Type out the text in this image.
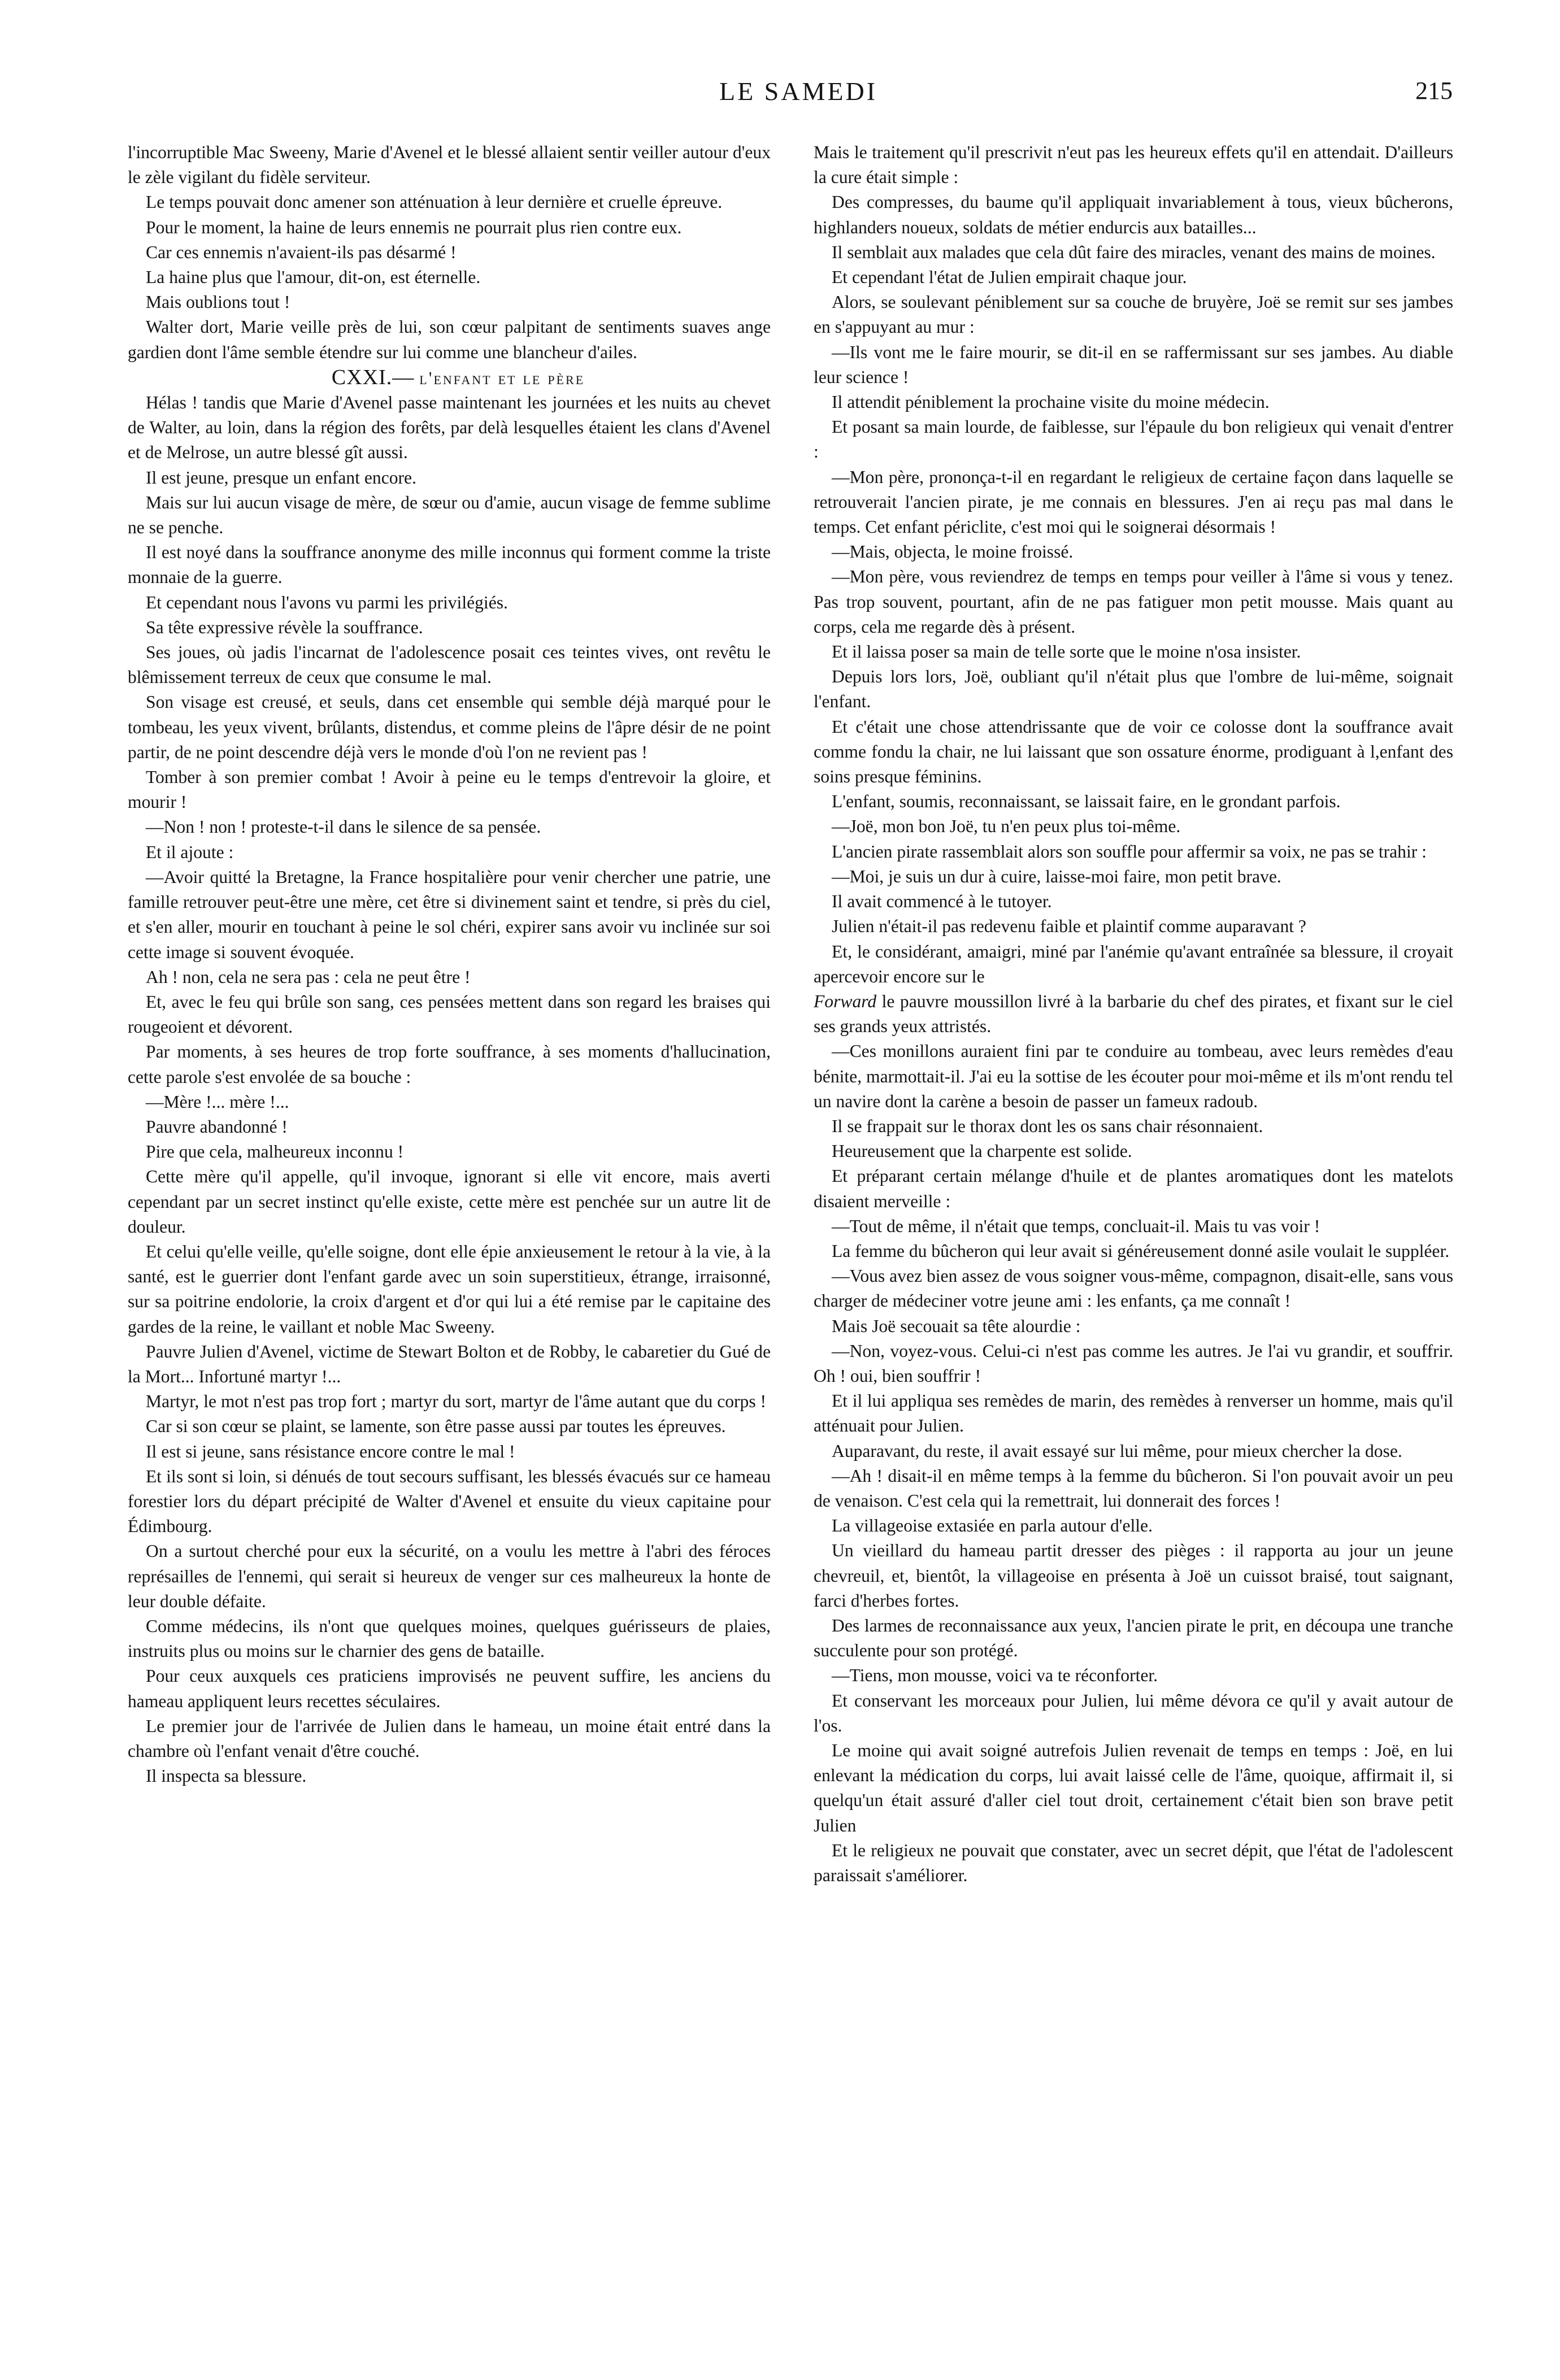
LE SAMEDI	215

l'incorruptible Mac Sweeny, Marie d'Avenel et le blessé allaient sentir veiller autour d'eux le zèle vigilant du fidèle serviteur.

Le temps pouvait donc amener son atténuation à leur dernière et cruelle épreuve.

Pour le moment, la haine de leurs ennemis ne pourrait plus rien contre eux.

Car ces ennemis n'avaient-ils pas désarmé !

La haine plus que l'amour, dit-on, est éternelle.

Mais oublions tout !

Walter dort, Marie veille près de lui, son cœur palpitant de sentiments suaves ange gardien dont l'âme semble étendre sur lui comme une blancheur d'ailes.

CXXI.— l'enfant et le père

Hélas ! tandis que Marie d'Avenel passe maintenant les journées et les nuits au chevet de Walter, au loin, dans la région des forêts, par delà lesquelles étaient les clans d'Avenel et de Melrose, un autre blessé gît aussi.

Il est jeune, presque un enfant encore.

Mais sur lui aucun visage de mère, de sœur ou d'amie, aucun visage de femme sublime ne se penche.

Il est noyé dans la souffrance anonyme des mille inconnus qui forment comme la triste monnaie de la guerre.

Et cependant nous l'avons vu parmi les privilégiés.

Sa tête expressive révèle la souffrance.

Ses joues, où jadis l'incarnat de l'adolescence posait ces teintes vives, ont revêtu le blêmissement terreux de ceux que consume le mal.

Son visage est creusé, et seuls, dans cet ensemble qui semble déjà marqué pour le tombeau, les yeux vivent, brûlants, distendus, et comme pleins de l'âpre désir de ne point partir, de ne point descendre déjà vers le monde d'où l'on ne revient pas !

Tomber à son premier combat ! Avoir à peine eu le temps d'entrevoir la gloire, et mourir !

—Non ! non ! proteste-t-il dans le silence de sa pensée.

Et il ajoute :

—Avoir quitté la Bretagne, la France hospitalière pour venir chercher une patrie, une famille retrouver peut-être une mère, cet être si divinement saint et tendre, si près du ciel, et s'en aller, mourir en touchant à peine le sol chéri, expirer sans avoir vu inclinée sur soi cette image si souvent évoquée.

Ah ! non, cela ne sera pas : cela ne peut être !

Et, avec le feu qui brûle son sang, ces pensées mettent dans son regard les braises qui rougeoient et dévorent.

Par moments, à ses heures de trop forte souffrance, à ses moments d'hallucination, cette parole s'est envolée de sa bouche :

—Mère !... mère !...

Pauvre abandonné !

Pire que cela, malheureux inconnu !

Cette mère qu'il appelle, qu'il invoque, ignorant si elle vit encore, mais averti cependant par un secret instinct qu'elle existe, cette mère est penchée sur un autre lit de douleur.

Et celui qu'elle veille, qu'elle soigne, dont elle épie anxieusement le retour à la vie, à la santé, est le guerrier dont l'enfant garde avec un soin superstitieux, étrange, irraisonné, sur sa poitrine endolorie, la croix d'argent et d'or qui lui a été remise par le capitaine des gardes de la reine, le vaillant et noble Mac Sweeny.

Pauvre Julien d'Avenel, victime de Stewart Bolton et de Robby, le cabaretier du Gué de la Mort... Infortuné martyr !...

Martyr, le mot n'est pas trop fort ; martyr du sort, martyr de l'âme autant que du corps !

Car si son cœur se plaint, se lamente, son être passe aussi par toutes les épreuves.

Il est si jeune, sans résistance encore contre le mal !

Et ils sont si loin, si dénués de tout secours suffisant, les blessés évacués sur ce hameau forestier lors du départ précipité de Walter d'Avenel et ensuite du vieux capitaine pour Édimbourg.

On a surtout cherché pour eux la sécurité, on a voulu les mettre à l'abri des féroces représailles de l'ennemi, qui serait si heureux de venger sur ces malheureux la honte de leur double défaite.

Comme médecins, ils n'ont que quelques moines, quelques guérisseurs de plaies, instruits plus ou moins sur le charnier des gens de bataille.

Pour ceux auxquels ces praticiens improvisés ne peuvent suffire, les anciens du hameau appliquent leurs recettes séculaires.

Le premier jour de l'arrivée de Julien dans le hameau, un moine était entré dans la chambre où l'enfant venait d'être couché.

Il inspecta sa blessure.

Mais le traitement qu'il prescrivit n'eut pas les heureux effets qu'il en attendait. D'ailleurs la cure était simple :

Des compresses, du baume qu'il appliquait invariablement à tous, vieux bûcherons, highlanders noueux, soldats de métier endurcis aux batailles...

Il semblait aux malades que cela dût faire des miracles, venant des mains de moines.

Et cependant l'état de Julien empirait chaque jour.

Alors, se soulevant péniblement sur sa couche de bruyère, Joë se remit sur ses jambes en s'appuyant au mur :

—Ils vont me le faire mourir, se dit-il en se raffermissant sur ses jambes. Au diable leur science !

Il attendit péniblement la prochaine visite du moine médecin.

Et posant sa main lourde, de faiblesse, sur l'épaule du bon religieux qui venait d'entrer :

—Mon père, prononça-t-il en regardant le religieux de certaine façon dans laquelle se retrouverait l'ancien pirate, je me connais en blessures. J'en ai reçu pas mal dans le temps. Cet enfant périclite, c'est moi qui le soignerai désormais !

—Mais, objecta, le moine froissé.

—Mon père, vous reviendrez de temps en temps pour veiller à l'âme si vous y tenez. Pas trop souvent, pourtant, afin de ne pas fatiguer mon petit mousse. Mais quant au corps, cela me regarde dès à présent.

Et il laissa poser sa main de telle sorte que le moine n'osa insister.

Depuis lors lors, Joë, oubliant qu'il n'était plus que l'ombre de lui-même, soignait l'enfant.

Et c'était une chose attendrissante que de voir ce colosse dont la souffrance avait comme fondu la chair, ne lui laissant que son ossature énorme, prodiguant à l,enfant des soins presque féminins.

L'enfant, soumis, reconnaissant, se laissait faire, en le grondant parfois.

—Joë, mon bon Joë, tu n'en peux plus toi-même.

L'ancien pirate rassemblait alors son souffle pour affermir sa voix, ne pas se trahir :

—Moi, je suis un dur à cuire, laisse-moi faire, mon petit brave.

Il avait commencé à le tutoyer.

Julien n'était-il pas redevenu faible et plaintif comme auparavant ?

Et, le considérant, amaigri, miné par l'anémie qu'avant entraînée sa blessure, il croyait apercevoir encore sur le

Forward le pauvre moussillon livré à la barbarie du chef des pirates, et fixant sur le ciel ses grands yeux attristés.

—Ces monillons auraient fini par te conduire au tombeau, avec leurs remèdes d'eau bénite, marmottait-il. J'ai eu la sottise de les écouter pour moi-même et ils m'ont rendu tel un navire dont la carène a besoin de passer un fameux radoub.

Il se frappait sur le thorax dont les os sans chair résonnaient.

Heureusement que la charpente est solide.

Et préparant certain mélange d'huile et de plantes aromatiques dont les matelots disaient merveille :

—Tout de même, il n'était que temps, concluait-il. Mais tu vas voir !

La femme du bûcheron qui leur avait si généreusement donné asile voulait le suppléer.

—Vous avez bien assez de vous soigner vous-même, compagnon, disait-elle, sans vous charger de médeciner votre jeune ami : les enfants, ça me connaît !

Mais Joë secouait sa tête alourdie :

—Non, voyez-vous. Celui-ci n'est pas comme les autres. Je l'ai vu grandir, et souffrir. Oh ! oui, bien souffrir !

Et il lui appliqua ses remèdes de marin, des remèdes à renverser un homme, mais qu'il atténuait pour Julien.

Auparavant, du reste, il avait essayé sur lui même, pour mieux chercher la dose.

—Ah ! disait-il en même temps à la femme du bûcheron. Si l'on pouvait avoir un peu de venaison. C'est cela qui la remettrait, lui donnerait des forces !

La villageoise extasiée en parla autour d'elle.

Un vieillard du hameau partit dresser des pièges : il rapporta au jour un jeune chevreuil, et, bientôt, la villageoise en présenta à Joë un cuissot braisé, tout saignant, farci d'herbes fortes.

Des larmes de reconnaissance aux yeux, l'ancien pirate le prit, en découpa une tranche succulente pour son protégé.

—Tiens, mon mousse, voici va te réconforter.

Et conservant les morceaux pour Julien, lui même dévora ce qu'il y avait autour de l'os.

Le moine qui avait soigné autrefois Julien revenait de temps en temps : Joë, en lui enlevant la médication du corps, lui avait laissé celle de l'âme, quoique, affirmait il, si quelqu'un était assuré d'aller ciel tout droit, certainement c'était bien son brave petit Julien

Et le religieux ne pouvait que constater, avec un secret dépit, que l'état de l'adolescent paraissait s'améliorer.
